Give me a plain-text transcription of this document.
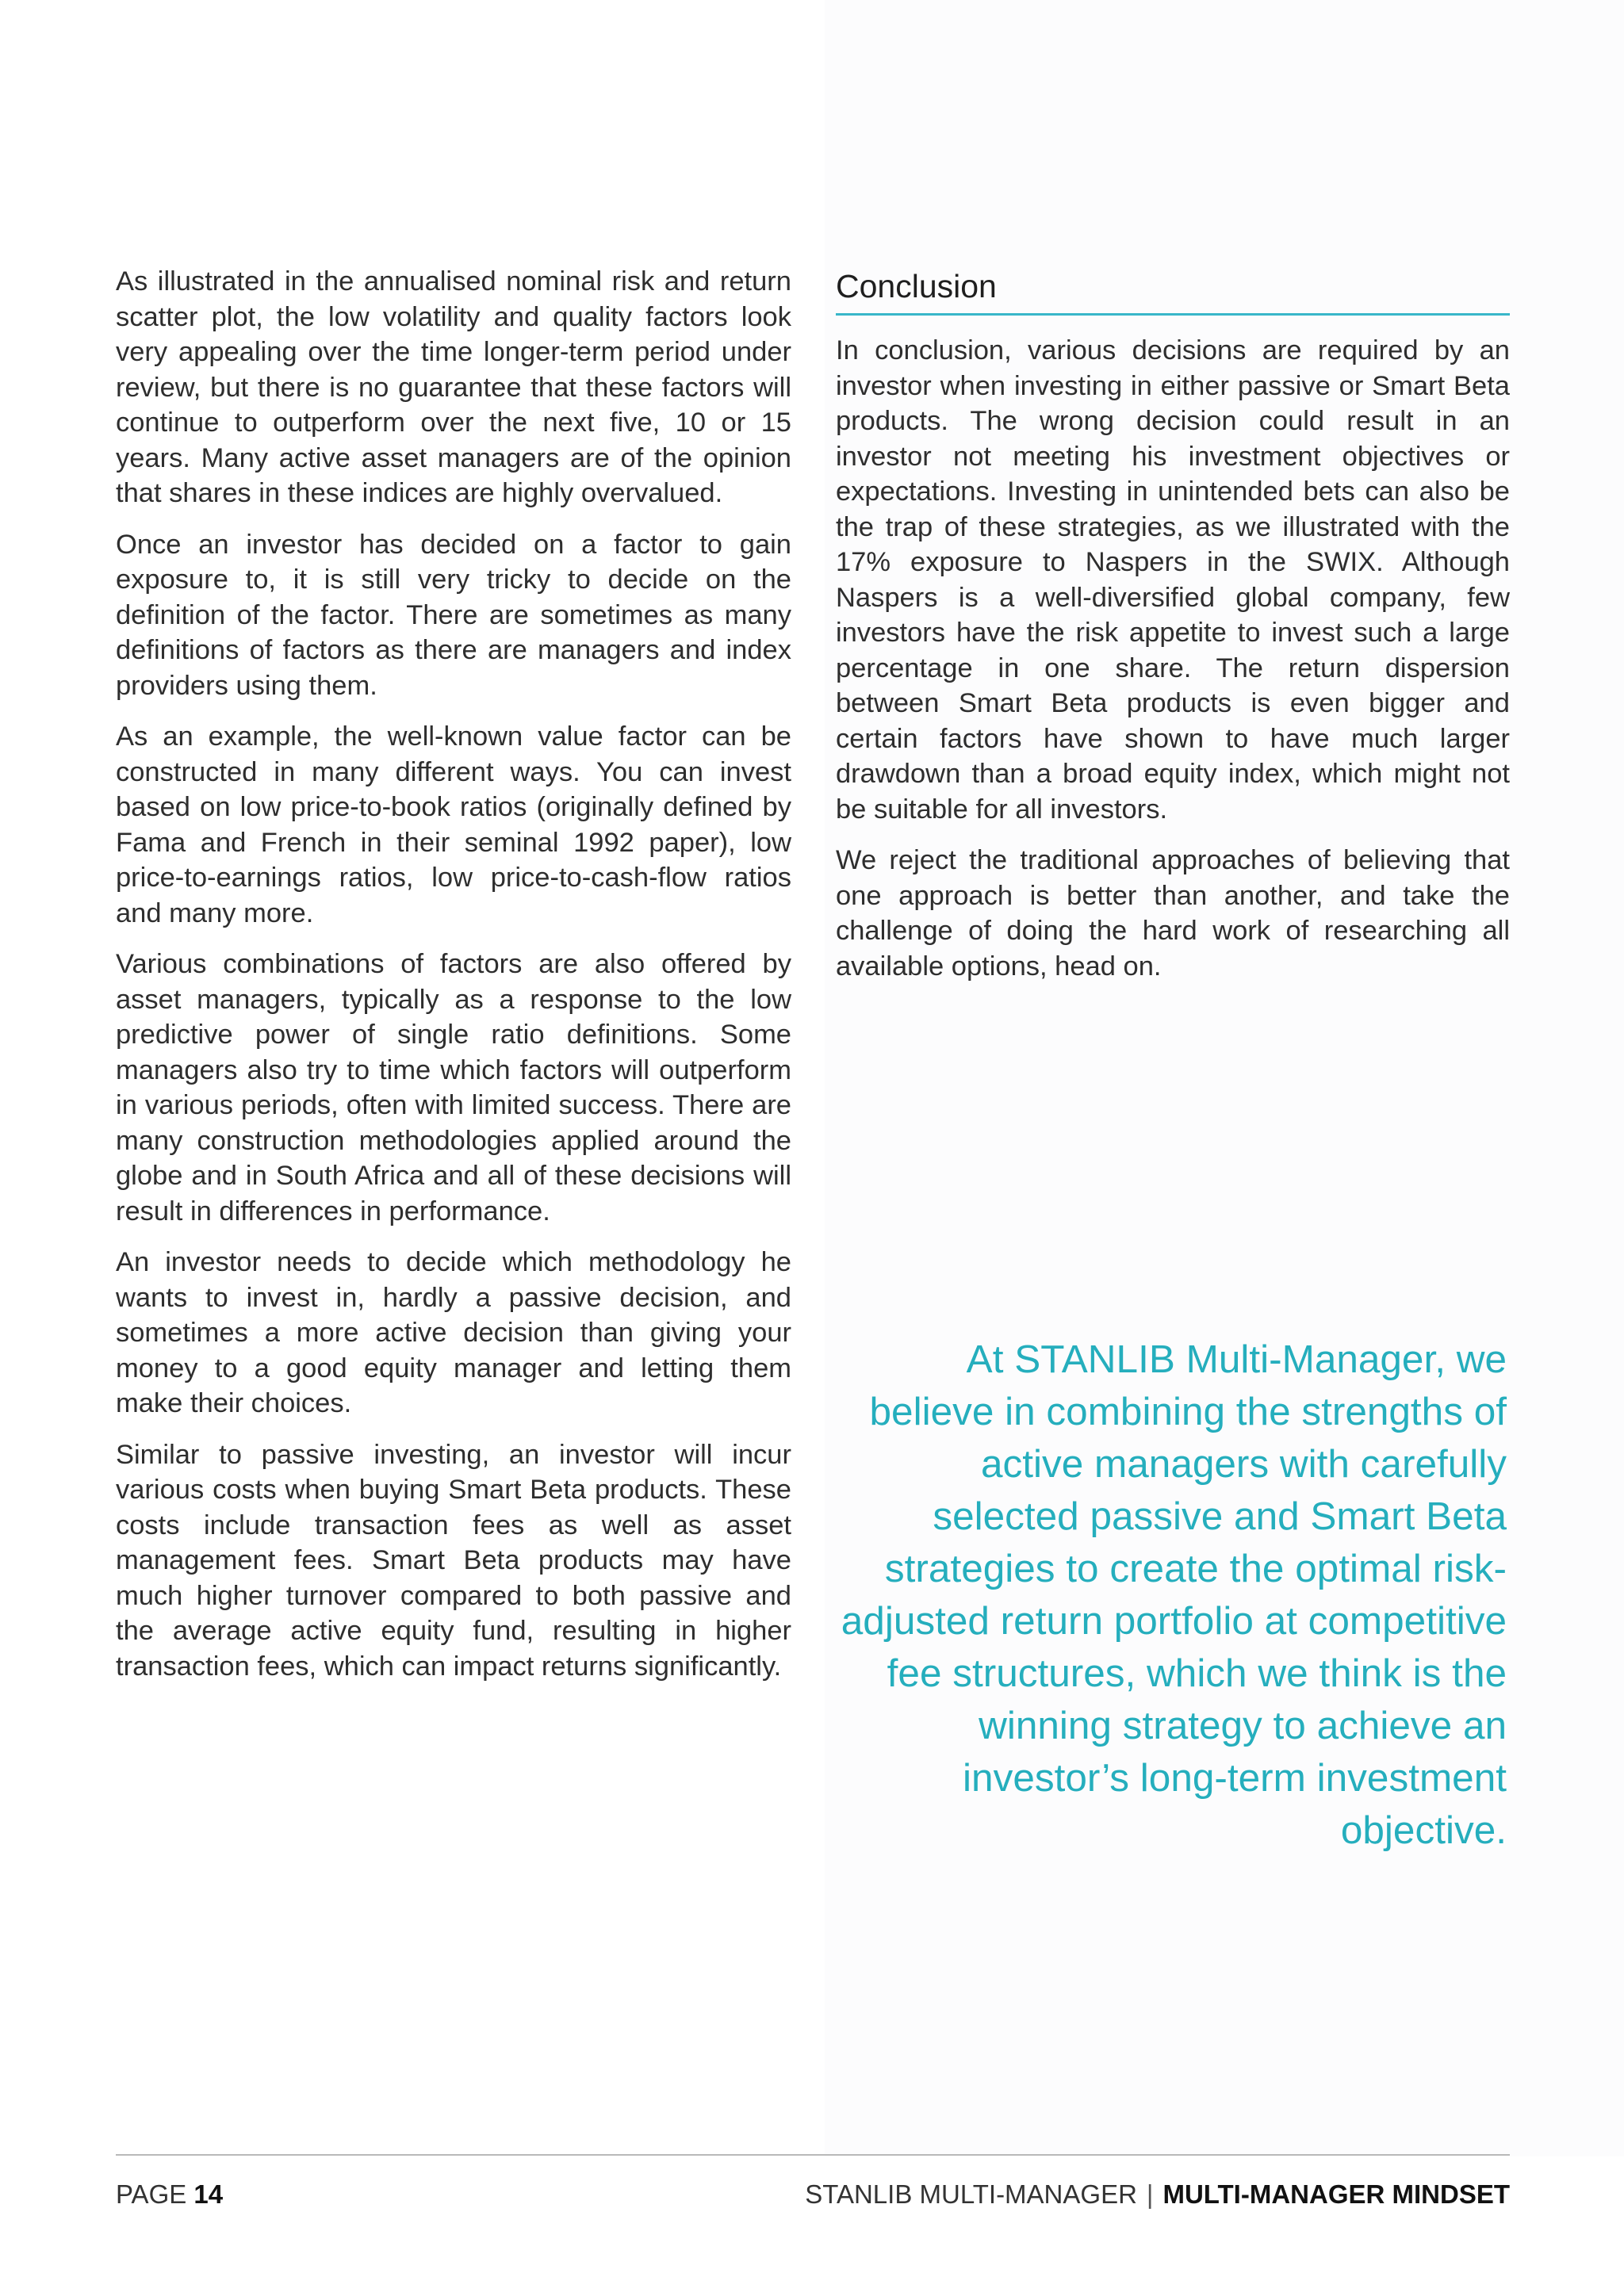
As illustrated in the annualised nominal risk and return scatter plot, the low volatility and quality factors look very appealing over the time longer-term period under review, but there is no guarantee that these factors will continue to outperform over the next five, 10 or 15 years. Many active asset managers are of the opinion that shares in these indices are highly overvalued.

Once an investor has decided on a factor to gain exposure to, it is still very tricky to decide on the definition of the factor. There are sometimes as many definitions of factors as there are managers and index providers using them.

As an example, the well-known value factor can be constructed in many different ways. You can invest based on low price-to-book ratios (originally defined by Fama and French in their seminal 1992 paper), low price-to-earnings ratios, low price-to-cash-flow ratios and many more.

Various combinations of factors are also offered by asset managers, typically as a response to the low predictive power of single ratio definitions. Some managers also try to time which factors will outperform in various periods, often with limited success. There are many construction methodologies applied around the globe and in South Africa and all of these decisions will result in differences in performance.

An investor needs to decide which methodology he wants to invest in, hardly a passive decision, and sometimes a more active decision than giving your money to a good equity manager and letting them make their choices.

Similar to passive investing, an investor will incur various costs when buying Smart Beta products. These costs include transaction fees as well as asset management fees. Smart Beta products may have much higher turnover compared to both passive and the average active equity fund, resulting in higher transaction fees, which can impact returns significantly.

Conclusion

In conclusion, various decisions are required by an investor when investing in either passive or Smart Beta products. The wrong decision could result in an investor not meeting his investment objectives or expectations. Investing in unintended bets can also be the trap of these strategies, as we illustrated with the 17% exposure to Naspers in the SWIX. Although Naspers is a well-diversified global company, few investors have the risk appetite to invest such a large percentage in one share. The return dispersion between Smart Beta products is even bigger and certain factors have shown to have much larger drawdown than a broad equity index, which might not be suitable for all investors.

We reject the traditional approaches of believing that one approach is better than another, and take the challenge of doing the hard work of researching all available options, head on.

At STANLIB Multi-Manager, we believe in combining the strengths of active managers with carefully selected passive and Smart Beta strategies to create the optimal risk-adjusted return portfolio at competitive fee structures, which we think is the winning strategy to achieve an investor’s long-term investment objective.
PAGE 14	STANLIB MULTI-MANAGER | MULTI-MANAGER MINDSET
